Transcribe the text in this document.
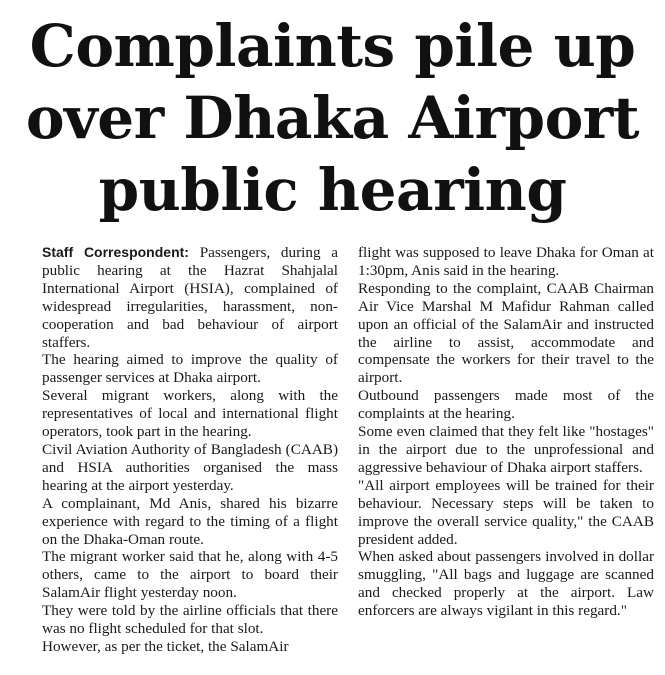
Complaints pile up
over Dhaka Airport
public hearing

Staff Correspondent: Passengers, during a public hearing at the Hazrat Shahjalal International Airport (HSIA), complained of widespread irregularities, harassment, non-cooperation and bad behaviour of airport staffers.

The hearing aimed to improve the quality of passenger services at Dhaka airport.

Several migrant workers, along with the representatives of local and international flight operators, took part in the hearing.

Civil Aviation Authority of Bangladesh (CAAB) and HSIA authorities organised the mass hearing at the airport yesterday.

A complainant, Md Anis, shared his bizarre experience with regard to the timing of a flight on the Dhaka-Oman route.

The migrant worker said that he, along with 4-5 others, came to the airport to board their SalamAir flight yesterday noon.

They were told by the airline officials that there was no flight scheduled for that slot.

However, as per the ticket, the SalamAir

flight was supposed to leave Dhaka for Oman at 1:30pm, Anis said in the hearing.

Responding to the complaint, CAAB Chairman Air Vice Marshal M Mafidur Rahman called upon an official of the SalamAir and instructed the airline to assist, accommodate and compensate the workers for their travel to the airport.

Outbound passengers made most of the complaints at the hearing.

Some even claimed that they felt like "hostages" in the airport due to the unprofessional and aggressive behaviour of Dhaka airport staffers.

"All airport employees will be trained for their behaviour. Necessary steps will be taken to improve the overall service quality," the CAAB president added.

When asked about passengers involved in dollar smuggling, "All bags and luggage are scanned and checked properly at the airport. Law enforcers are always vigilant in this regard."
